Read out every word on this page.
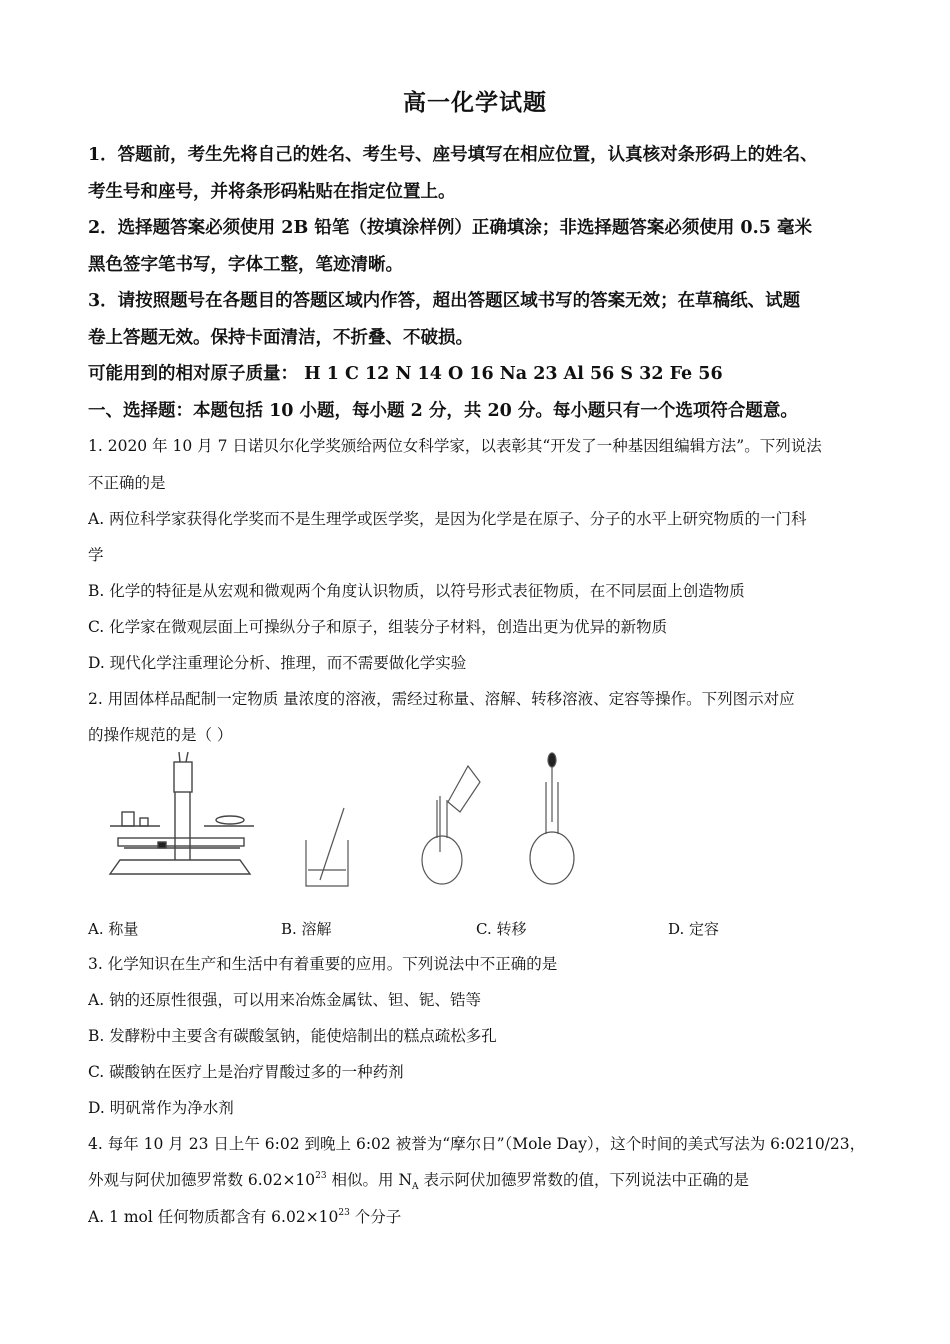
高一化学试题
1．答题前，考生先将自己的姓名、考生号、座号填写在相应位置，认真核对条形码上的姓名、
考生号和座号，并将条形码粘贴在指定位置上。
2．选择题答案必须使用 2B 铅笔（按填涂样例）正确填涂；非选择题答案必须使用 0.5 毫米
黑色签字笔书写，字体工整，笔迹清晰。
3．请按照题号在各题目的答题区域内作答，超出答题区域书写的答案无效；在草稿纸、试题
卷上答题无效。保持卡面清洁，不折叠、不破损。
可能用到的相对原子质量： H 1 C 12 N 14 O 16 Na 23 Al 56 S 32 Fe 56
一、选择题：本题包括 10 小题，每小题 2 分，共 20 分。每小题只有一个选项符合题意。
1. 2020 年 10 月 7 日诺贝尔化学奖颁给两位女科学家，以表彰其“开发了一种基因组编辑方法”。下列说法
不正确的是
A. 两位科学家获得化学奖而不是生理学或医学奖，是因为化学是在原子、分子的水平上研究物质的一门科
学
B. 化学的特征是从宏观和微观两个角度认识物质，以符号形式表征物质，在不同层面上创造物质
C. 化学家在微观层面上可操纵分子和原子，组装分子材料，创造出更为优异的新物质
D. 现代化学注重理论分析、推理，而不需要做化学实验
2. 用固体样品配制一定物质 量浓度的溶液，需经过称量、溶解、转移溶液、定容等操作。下列图示对应
的操作规范的是（ ）
A. 称量	B. 溶解	C. 转移	D. 定容
3. 化学知识在生产和生活中有着重要的应用。下列说法中不正确的是
A. 钠的还原性很强，可以用来冶炼金属钛、钽、铌、锆等
B. 发酵粉中主要含有碳酸氢钠，能使焙制出的糕点疏松多孔
C. 碳酸钠在医疗上是治疗胃酸过多的一种药剂
D. 明矾常作为净水剂
4. 每年 10 月 23 日上午 6:02 到晚上 6:02 被誉为“摩尔日”（Mole Day），这个时间的美式写法为 6:0210/23，
外观与阿伏加德罗常数 $6.02\times 10^{23}$ 相似。用 $N_A$ 表示阿伏加德罗常数的值，下列说法中正确的是
A. 1 mol 任何物质都含有 $6.02\times 10^{23}$ 个分子
